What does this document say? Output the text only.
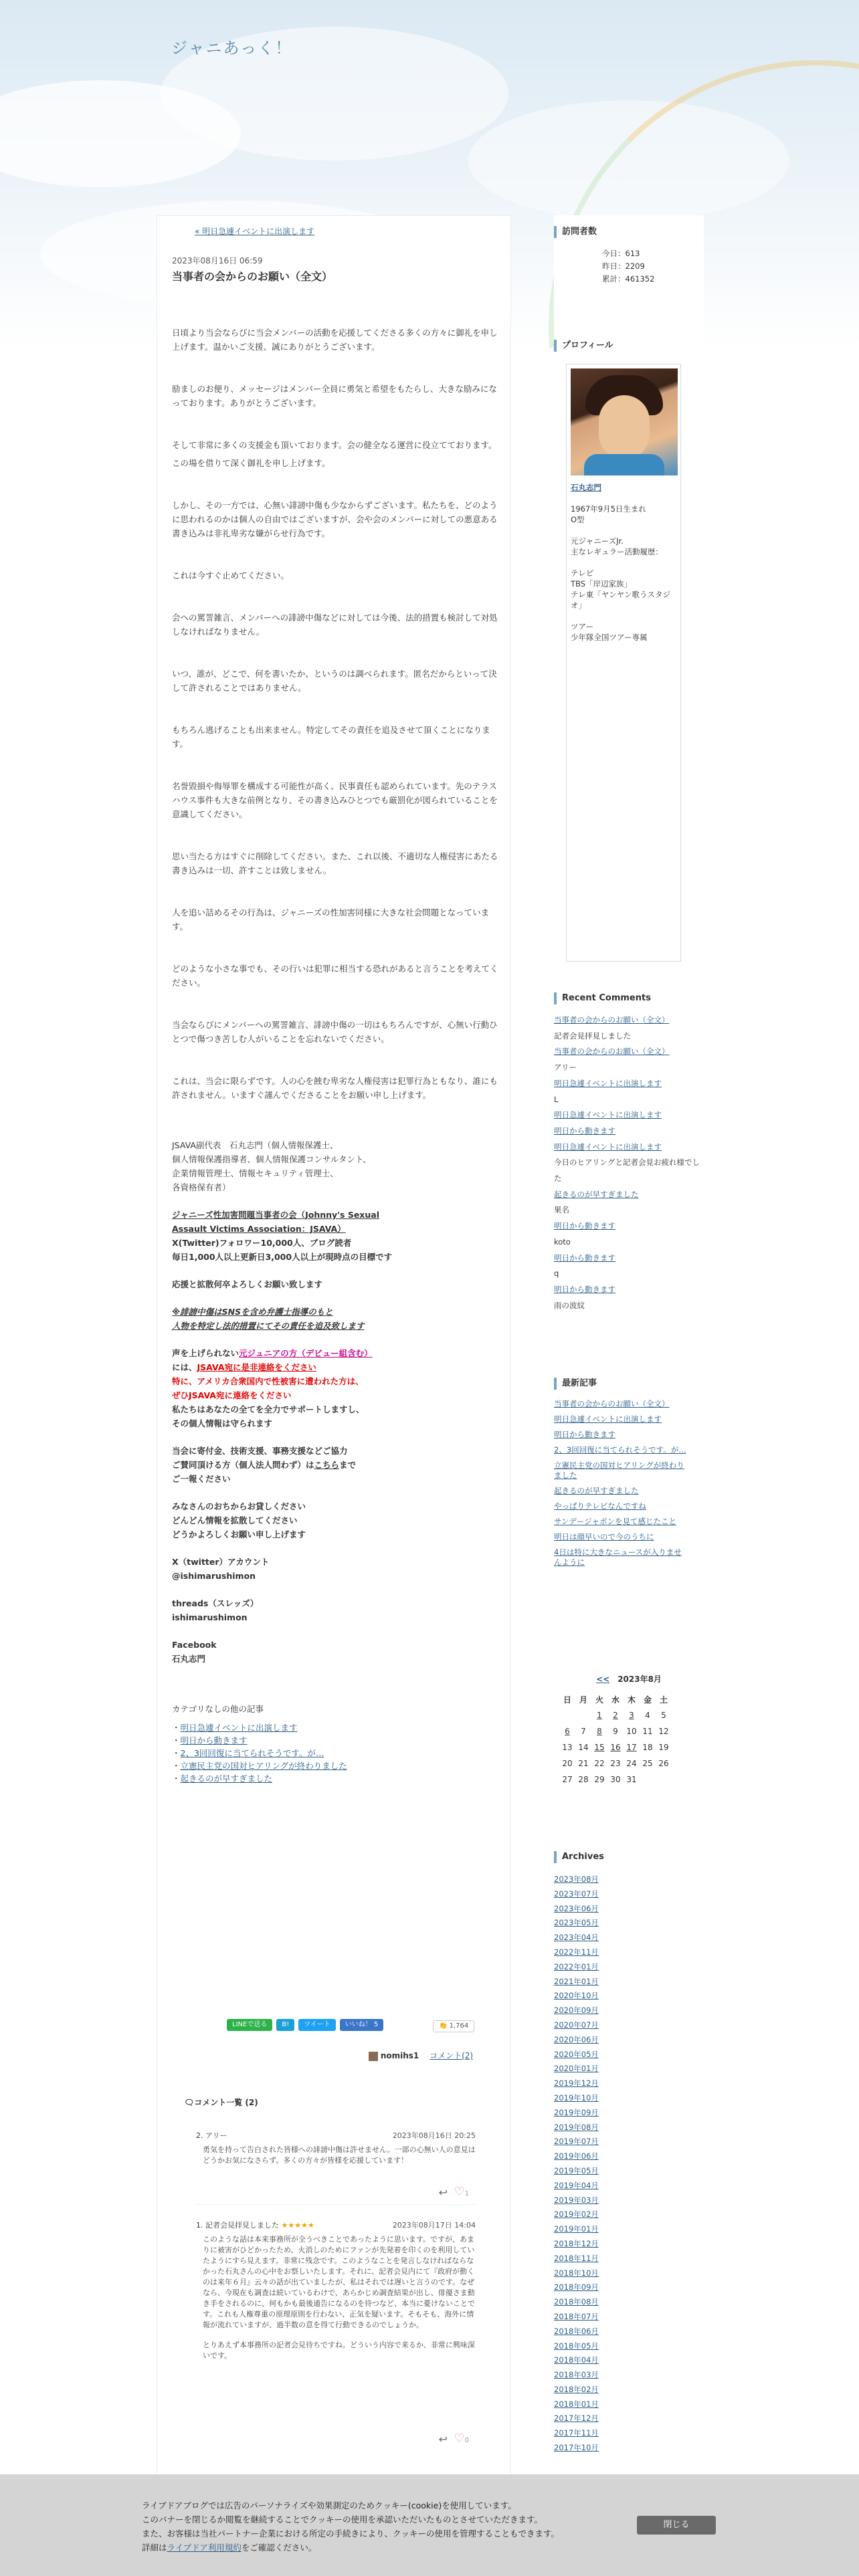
ジャニあっく！
« 明日急遽イベントに出演します
2023年08月16日 06:59
当事者の会からのお願い（全文）

日頃より当会ならびに当会メンバーの活動を応援してくださる多くの方々に御礼を申し上げます。温かいご支援、誠にありがとうございます。

励ましのお便り、メッセージはメンバー全員に勇気と希望をもたらし、大きな励みになっております。ありがとうございます。

そして非常に多くの支援金も頂いております。会の健全なる運営に役立てております。

この場を借りて深く御礼を申し上げます。

しかし、その一方では、心無い誹謗中傷も少なからずございます。私たちを、どのように思われるのかは個人の自由ではございますが、会や会のメンバーに対しての悪意ある書き込みは非礼卑劣な嫌がらせ行為です。

これは今すぐ止めてください。

会への罵詈雑言、メンバーへの誹謗中傷などに対しては今後、法的措置も検討して対処しなければなりません。

いつ、誰が、どこで、何を書いたか、というのは調べられます。匿名だからといって決して許されることではありません。

もちろん逃げることも出来ません。特定してその責任を追及させて頂くことになります。

名誉毀損や侮辱罪を構成する可能性が高く、民事責任も認められています。先のテラスハウス事件も大きな前例となり、その書き込みひとつでも厳罰化が図られていることを意識してください。

思い当たる方はすぐに削除してください。また、これ以後、不適切な人権侵害にあたる書き込みは一切、許すことは致しません。

人を追い詰めるその行為は、ジャニーズの性加害同様に大きな社会問題となっています。

どのような小さな事でも、その行いは犯罪に相当する恐れがあると言うことを考えてください。

当会ならびにメンバーへの罵詈雑言、誹謗中傷の一切はもちろんですが、心無い行動ひとつで傷つき苦しむ人がいることを忘れないでください。

これは、当会に限らずです。人の心を蝕む卑劣な人権侵害は犯罪行為ともなり、誰にも許されません。いますぐ謹んでくださることをお願い申し上げます。

JSAVA副代表　石丸志門（個人情報保護士、

個人情報保護指導者、個人情報保護コンサルタント、

企業情報管理士、情報セキュリティ管理士、

各資格保有者）

ジャニーズ性加害問題当事者の会（Johnny's Sexual

Assault Victims Association：JSAVA）

X(Twitter)フォロワー10,000人、ブログ読者

毎日1,000人以上更新日3,000人以上が現時点の目標です

応援と拡散何卒よろしくお願い致します

※誹謗中傷はSNSを含め弁護士指導のもと

人物を特定し法的措置にてその責任を追及致します

声を上げられない元ジュニアの方（デビュー組含む）

には、JSAVA宛に是非連絡をください

特に、アメリカ合衆国内で性被害に遭われた方は、

ぜひJSAVA宛に連絡をください

私たちはあなたの全てを全力でサポートしますし、

その個人情報は守られます

当会に寄付金、技術支援、事務支援などご協力

ご賛同頂ける方（個人法人問わず）はこちらまで

ご一報ください

みなさんのおちからお貸しください

どんどん情報を拡散してください

どうかよろしくお願い申し上げます

X（twitter）アカウント

@ishimarushimon

threads（スレッズ）

ishimarushimon

Facebook

石丸志門

カテゴリなしの他の記事

・明日急遽イベントに出演します

・明日から動きます

・2、3回回復に当てられそうです。が…

・立憲民主党の国対ヒアリングが終わりました

・起きるのが早すぎました

LINEで送る B! ツイート いいね！ 5	👏 1,764
nomihs1 　 コメント(2)
🗨コメント一覧 (2)
2. アリー	2023年08月16日 20:25
勇気を持って告白された皆様への誹謗中傷は許せません。一部の心無い人の意見はどうかお気になさらず。多くの方々が皆様を応援しています！
↩ ♡1
1. 記者会見拝見しました ★★★★★	2023年08月17日 14:04
このような話は本来事務所が全うべきことであったように思います。ですが、あまりに被害がひどかったため、火消しのためにファンが先発着を印くのを利用していたようにすら見えます。非常に残念です。このようなことを発言しなければならなかった石丸さんの心中をお察しいたします。それに、記者会見内にて『政府が動くのは来年６月』云々の話が出ていましたが、私はそれでは遅いと言うのです。なぜなら、今現在も調査は続いているわけで、あらかじめ調査結果が出し、俳優さま動き手をされるのに、何もかも最後通告になるのを待つなど、本当に憂けないことです。これも人権尊重の原理原則を行わない、正気を疑います。そもそも、海外に情報が流れていますが、過半数の意を得て行動できるのでしょうか。
とりあえず本事務所の記者会見待ちですね。どういう内容で来るか、非常に興味深いです。
↩ ♡0
訪問者数
今日：613
昨日：2209
累計：461352
プロフィール
石丸志門
1967年9月5日生まれ
O型
元ジャニーズJr.
主なレギュラー活動履歴：
テレビ
TBS「岸辺家族」
テレ東「ヤンヤン歌うスタジオ」
ツアー
少年隊全国ツアー専属
Recent Comments
当事者の会からのお願い（全文）
記者会見拝見しました
当事者の会からのお願い（全文）
アリー
明日急遽イベントに出演します
L
明日急遽イベントに出演します
明日から動きます
明日急遽イベントに出演します
今日のヒアリングと記者会見お疲れ様でした
起きるのが早すぎました
果名
明日から動きます
koto
明日から動きます
q
明日から動きます
雨の波紋
最新記事
当事者の会からのお願い（全文）
明日急遽イベントに出演します
明日から動きます
2、3回回復に当てられそうです。が…
立憲民主党の国対ヒアリングが終わりました
起きるのが早すぎました
やっぱりテレビなんですね
サンデージャポンを見て感じたこと
明日は顔早いので今のうちに
4日は特に大きなニュースが入りませんように
<<　 2023年8月
日	月	火	水	木	金	土
		1	2	3	4	5
6	7	8	9	10	11	12
13	14	15	16	17	18	19
20	21	22	23	24	25	26
27	28	29	30	31		
Archives
2023年08月
2023年07月
2023年06月
2023年05月
2023年04月
2022年11月
2022年01月
2021年01月
2020年10月
2020年09月
2020年07月
2020年06月
2020年05月
2020年01月
2019年12月
2019年10月
2019年09月
2019年08月
2019年07月
2019年06月
2019年05月
2019年04月
2019年03月
2019年02月
2019年01月
2018年12月
2018年11月
2018年10月
2018年09月
2018年08月
2018年07月
2018年06月
2018年05月
2018年04月
2018年03月
2018年02月
2018年01月
2017年12月
2017年11月
2017年10月
ライブドアブログでは広告のパーソナライズや効果測定のためクッキー(cookie)を使用しています。
このバナーを閉じるか閲覧を継続することでクッキーの使用を承認いただいたものとさせていただきます。
また、お客様は当社パートナー企業における所定の手続きにより、クッキーの使用を管理することもできます。
詳細はライブドア利用規約をご確認ください。
閉じる
